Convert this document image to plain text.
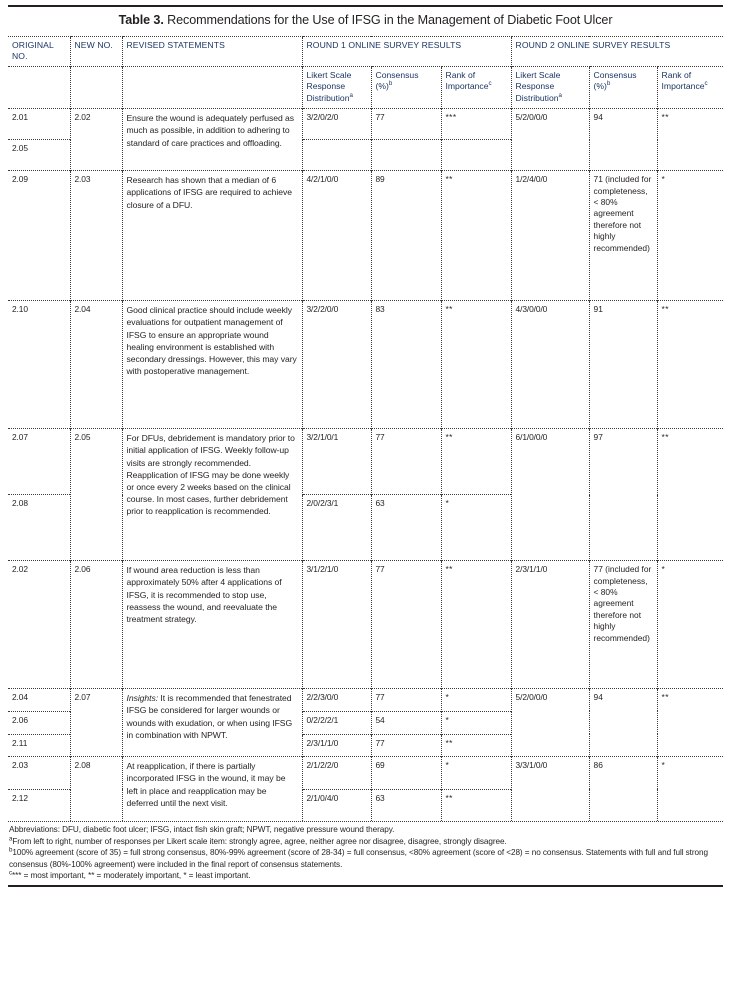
Table 3. Recommendations for the Use of IFSG in the Management of Diabetic Foot Ulcer
ORIGINAL NO.	NEW NO.	REVISED STATEMENTS	ROUND 1 ONLINE SURVEY RESULTS			ROUND 2 ONLINE SURVEY RESULTS		
			Likert Scale Response Distribution$^a$	Consensus (%)$^b$	Rank of Importance$^c$	Likert Scale Response Distribution$^a$	Consensus (%)$^b$	Rank of Importance$^c$
2.01	2.02	Ensure the wound is adequately perfused as much as possible, in addition to adhering to standard of care practices and offloading.	3/2/0/2/0	77	***	5/2/0/0/0	94	**
2.05								
2.09	2.03	Research has shown that a median of 6 applications of IFSG are required to achieve closure of a DFU.	4/2/1/0/0	89	**	1/2/4/0/0	71 (included for completeness, < 80% agreement therefore not highly recommended)	*
2.10	2.04	Good clinical practice should include weekly evaluations for outpatient management of IFSG to ensure an appropriate wound healing environment is established with secondary dressings. However, this may vary with postoperative management.	3/2/2/0/0	83	**	4/3/0/0/0	91	**
2.07	2.05	For DFUs, debridement is mandatory prior to initial application of IFSG. Weekly follow-up visits are strongly recommended. Reapplication of IFSG may be done weekly or once every 2 weeks based on the clinical course. In most cases, further debridement prior to reapplication is recommended.	3/2/1/0/1	77	**	6/1/0/0/0	97	**
2.08			2/0/2/3/1	63	*			
2.02	2.06	If wound area reduction is less than approximately 50% after 4 applications of IFSG, it is recommended to stop use, reassess the wound, and reevaluate the treatment strategy.	3/1/2/1/0	77	**	2/3/1/1/0	77 (included for completeness, < 80% agreement therefore not highly recommended)	*
2.04	2.07	Insights: It is recommended that fenestrated IFSG be considered for larger wounds or wounds with exudation, or when using IFSG in combination with NPWT.	2/2/3/0/0	77	*	5/2/0/0/0	94	**
2.06			0/2/2/2/1	54	*			
2.11			2/3/1/1/0	77	**			
2.03	2.08	At reapplication, if there is partially incorporated IFSG in the wound, it may be left in place and reapplication may be deferred until the next visit.	2/1/2/2/0	69	*	3/3/1/0/0	86	*
2.12			2/1/0/4/0	63	**			
Abbreviations: DFU, diabetic foot ulcer; IFSG, intact fish skin graft; NPWT, negative pressure wound therapy.
$^a$From left to right, number of responses per Likert scale item: strongly agree, agree, neither agree nor disagree, disagree, strongly disagree.
$^b$100% agreement (score of 35) = full strong consensus, 80%-99% agreement (score of 28-34) = full consensus, <80% agreement (score of <28) = no consensus. Statements with full and full strong consensus (80%-100% agreement) were included in the final report of consensus statements.
$^c$*** = most important, ** = moderately important, * = least important.
